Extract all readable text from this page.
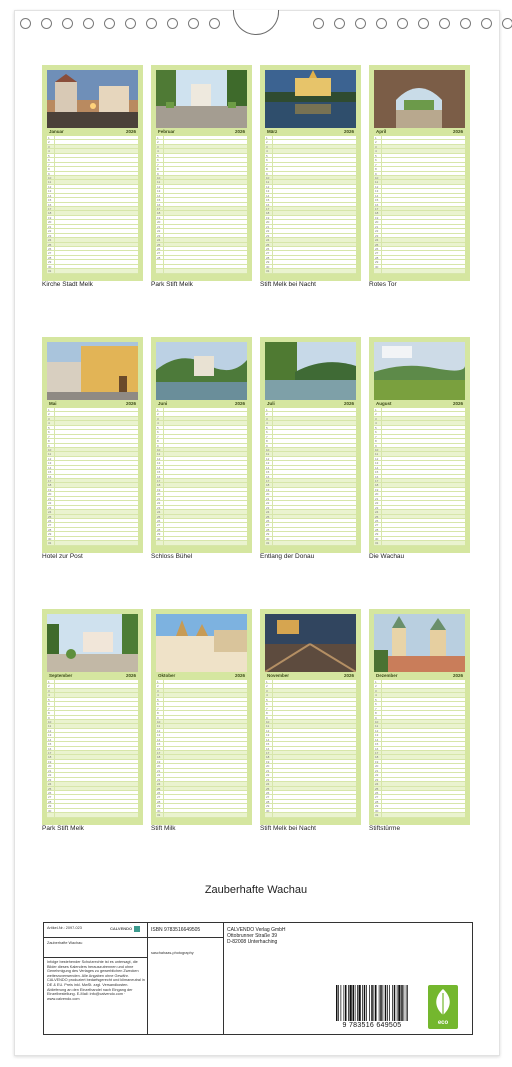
Januar	2026
1
2
3
4
5
6
7
8
9
10
11
12
13
14
15
16
17
18
19
20
21
22
23
24
25
26
27
28
29
30
31
Kirche Stadt Melk
Februar	2026
1
2
3
4
5
6
7
8
9
10
11
12
13
14
15
16
17
18
19
20
21
22
23
24
25
26
27
28
Park Stift Melk
März	2026
1
2
3
4
5
6
7
8
9
10
11
12
13
14
15
16
17
18
19
20
21
22
23
24
25
26
27
28
29
30
31
Stift Melk bei Nacht
April	2026
1
2
3
4
5
6
7
8
9
10
11
12
13
14
15
16
17
18
19
20
21
22
23
24
25
26
27
28
29
30
Rotes Tor
Mai	2026
1
2
3
4
5
6
7
8
9
10
11
12
13
14
15
16
17
18
19
20
21
22
23
24
25
26
27
28
29
30
31
Hotel zur Post
Juni	2026
1
2
3
4
5
6
7
8
9
10
11
12
13
14
15
16
17
18
19
20
21
22
23
24
25
26
27
28
29
30
Schloss Bühel
Juli	2026
1
2
3
4
5
6
7
8
9
10
11
12
13
14
15
16
17
18
19
20
21
22
23
24
25
26
27
28
29
30
31
Entlang der Donau
August	2026
1
2
3
4
5
6
7
8
9
10
11
12
13
14
15
16
17
18
19
20
21
22
23
24
25
26
27
28
29
30
31
Die Wachau
September	2026
1
2
3
4
5
6
7
8
9
10
11
12
13
14
15
16
17
18
19
20
21
22
23
24
25
26
27
28
29
30
Park Stift Melk
Oktober	2026
1
2
3
4
5
6
7
8
9
10
11
12
13
14
15
16
17
18
19
20
21
22
23
24
25
26
27
28
29
30
31
Stift Milk
November	2026
1
2
3
4
5
6
7
8
9
10
11
12
13
14
15
16
17
18
19
20
21
22
23
24
25
26
27
28
29
30
Stift Melk bei Nacht
Dezember	2026
1
2
3
4
5
6
7
8
9
10
11
12
13
14
15
16
17
18
19
20
21
22
23
24
25
26
27
28
29
30
31
Stiftstürme
Zauberhafte Wachau
Artikel-Nr.: 2097-023	CALVENDO
Zauberhafte Wachau
Infolge bestehender Schutzrechte ist es untersagt, die Bilder dieses Kalenders herauszutrennen und ohne Genehmigung des Verlages zu gewerblichen Zwecken weiterzuverwenden. Alle Angaben ohne Gewähr. CALVENDO produziert bedarfsgerecht und klimaneutral in DE & EU. Preis inkl. MwSt. zzgl. Versandkosten. Ablieferung an den Einzelhandel nach Eingang der Einzelbestellung. E-Mail: info@calvendo.com · www.calvendo.com
ISBN 9783516649505
saschahaas-photography
CALVENDO Verlag GmbH
Ottobrunner Straße 39
D-82008 Unterhaching
9 783516 649505	eco
